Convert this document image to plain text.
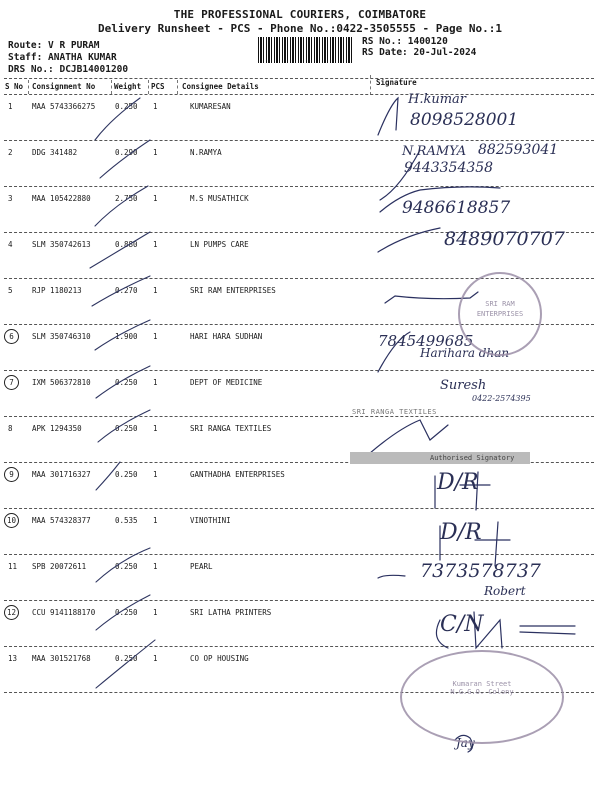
THE PROFESSIONAL COURIERS, COIMBATORE
Delivery Runsheet - PCS - Phone No.:0422-3505555 - Page No.:1
Route: V R PURAM
Staff: ANATHA KUMAR
DRS No.: DCJB14001200
RS No.: 1400120
RS Date: 20-Jul-2024
S No Consignment No	Weight PCS Consignee Details	Signature
1	MAA 5743366275	0.250 1	KUMARESAN
2	DDG 341482	0.290 1	N.RAMYA
3	MAA 105422880	2.750 1	M.S MUSATHICK
4	SLM 350742613	0.880 1	LN PUMPS CARE
5	RJP 1180213	0.270 1	SRI RAM ENTERPRISES
6	SLM 350746310	1.900 1	HARI HARA SUDHAN
7	IXM 506372810	0.250 1	DEPT OF MEDICINE
8	APK 1294350	0.250 1	SRI RANGA TEXTILES
9	MAA 301716327	0.250 1	GANTHADHA ENTERPRISES
10	MAA 574328377	0.535 1	VINOTHINI
11 SPB 20072611	0.250 1	PEARL
12	CCU 9141188170	0.250 1	SRI LATHA PRINTERS
13 MAA 301521768	0.250 1	CO OP HOUSING
H.kumar
8098528001
N.RAMYA 882593041
9443354358
9486618857
8489070707
7845499685
Harihara dhan
Suresh
0422-2574395
D/R
D/R
7373578737
Robert
C/N
Jay
SRI RAM ENTERPRISES
SRI RANGA TEXTILES
Authorised Signatory
Kumaran Street
N.G.G.O. Colony
